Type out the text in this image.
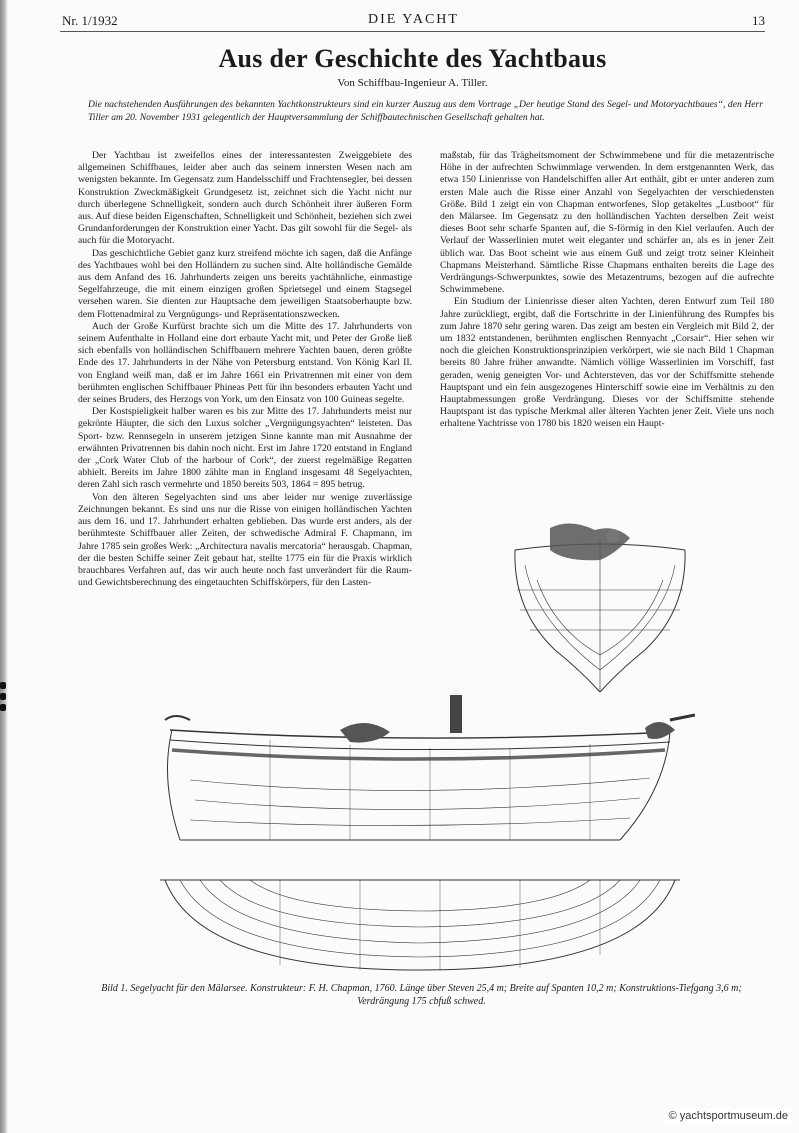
Nr. 1/1932	DIE YACHT	13
Aus der Geschichte des Yachtbaus
Von Schiffbau-Ingenieur A. Tiller.
Die nachstehenden Ausführungen des bekannten Yachtkonstrukteurs sind ein kurzer Auszug aus dem Vortrage „Der heutige Stand des Segel- und Motoryachtbaues“, den Herr Tiller am 20. November 1931 gelegentlich der Hauptversammlung der Schiffbautechnischen Gesellschaft gehalten hat.

Der Yachtbau ist zweifellos eines der interessantesten Zweiggebiete des allgemeinen Schiffbaues, leider aber auch das seinem innersten Wesen nach am wenigsten bekannte. Im Gegensatz zum Handelsschiff und Frachtensegler, bei dessen Konstruktion Zweckmäßigkeit Grundgesetz ist, zeichnet sich die Yacht nicht nur durch überlegene Schnelligkeit, sondern auch durch Schönheit ihrer äußeren Form aus. Auf diese beiden Eigenschaften, Schnelligkeit und Schönheit, beziehen sich zwei Grundanforderungen der Konstruktion einer Yacht. Das gilt sowohl für die Segel- als auch für die Motoryacht.

Das geschichtliche Gebiet ganz kurz streifend möchte ich sagen, daß die Anfänge des Yachtbaues wohl bei den Holländern zu suchen sind. Alte holländische Gemälde aus dem Anfand des 16. Jahrhunderts zeigen uns bereits yachtähnliche, einmastige Segelfahrzeuge, die mit einem einzigen großen Sprietsegel und einem Stagsegel versehen waren. Sie dienten zur Hauptsache dem jeweiligen Staatsoberhaupte bzw. dem Flottenadmiral zu Vergnügungs- und Repräsentationszwecken.

Auch der Große Kurfürst brachte sich um die Mitte des 17. Jahrhunderts von seinem Aufenthalte in Holland eine dort erbaute Yacht mit, und Peter der Große ließ sich ebenfalls von holländischen Schiffbauern mehrere Yachten bauen, deren größte Ende des 17. Jahrhunderts in der Nähe von Petersburg entstand. Von König Karl II. von England weiß man, daß er im Jahre 1661 ein Privatrennen mit einer von dem berühmten englischen Schiffbauer Phineas Pett für ihn besonders erbauten Yacht und der seines Bruders, des Herzogs von York, um den Einsatz von 100 Guineas segelte.

Der Kostspieligkeit halber waren es bis zur Mitte des 17. Jahrhunderts meist nur gekrönte Häupter, die sich den Luxus solcher „Vergnügungsyachten“ leisteten. Das Sport- bzw. Rennsegeln in unserem jetzigen Sinne kannte man mit Ausnahme der erwähnten Privatrennen bis dahin noch nicht. Erst im Jahre 1720 entstand in England der „Cork Water Club of the harbour of Cork“, der zuerst regelmäßige Regatten abhielt. Bereits im Jahre 1800 zählte man in England insgesamt 48 Segelyachten, deren Zahl sich rasch vermehrte und 1850 bereits 503, 1864 = 895 betrug.

Von den älteren Segelyachten sind uns aber leider nur wenige zuverlässige Zeichnungen bekannt. Es sind uns nur die Risse von einigen holländischen Yachten aus dem 16. und 17. Jahrhundert erhalten geblieben. Das wurde erst anders, als der berühmteste Schiffbauer aller Zeiten, der schwedische Admiral F. Chapmann, im Jahre 1785 sein großes Werk: „Architectura navalis mercatoria“ herausgab. Chapman, der die besten Schiffe seiner Zeit gebaut hat, stellte 1775 ein für die Praxis wirklich brauchbares Verfahren auf, das wir auch heute noch fast unverändert für die Raum- und Gewichtsberechnung des eingetauchten Schiffskörpers, für den Lasten-

maßstab, für das Trägheitsmoment der Schwimmebene und für die metazentrische Höhe in der aufrechten Schwimmlage verwenden. In dem erstgenannten Werk, das etwa 150 Linienrisse von Handelschiffen aller Art enthält, gibt er unter anderen zum ersten Male auch die Risse einer Anzahl von Segelyachten der verschiedensten Größe. Bild 1 zeigt ein von Chapman entworfenes, Slop getakeltes „Lustboot“ für den Mälarsee. Im Gegensatz zu den holländischen Yachten derselben Zeit weist dieses Boot sehr scharfe Spanten auf, die S-förmig in den Kiel verlaufen. Auch der Verlauf der Wasserlinien mutet weit eleganter und schärfer an, als es in jener Zeit üblich war. Das Boot scheint wie aus einem Guß und zeigt trotz seiner Kleinheit Chapmans Meisterhand. Sämtliche Risse Chapmans enthalten bereits die Lage des Verdrängungs-Schwerpunktes, sowie des Metazentrums, bezogen auf die aufrechte Schwimmebene.

Ein Studium der Linienrisse dieser alten Yachten, deren Entwurf zum Teil 180 Jahre zurückliegt, ergibt, daß die Fortschritte in der Linienführung des Rumpfes bis zum Jahre 1870 sehr gering waren. Das zeigt am besten ein Vergleich mit Bild 2, der um 1832 entstandenen, berühmten englischen Rennyacht „Corsair“. Hier sehen wir noch die gleichen Konstruktionsprinzipien verkörpert, wie sie nach Bild 1 Chapman bereits 80 Jahre früher anwandte. Nämlich völlige Wasserlinien im Vorschiff, fast geraden, wenig geneigten Vor- und Achtersteven, das vor der Schiffsmitte stehende Hauptspant und ein fein ausgezogenes Hinterschiff sowie eine im Verhältnis zu den Hauptabmessungen große Verdrängung. Dieses vor der Schiffsmitte stehende Hauptspant ist das typische Merkmal aller älteren Yachten jener Zeit. Viele uns noch erhaltene Yachtrisse von 1780 bis 1820 weisen ein Haupt-

Bild 1. Segelyacht für den Mälarsee. Konstrukteur: F. H. Chapman, 1760. Länge über Steven 25,4 m; Breite auf Spanten 10,2 m; Konstruktions-Tiefgang 3,6 m; Verdrängung 175 cbfuß schwed.
© yachtsportmuseum.de
